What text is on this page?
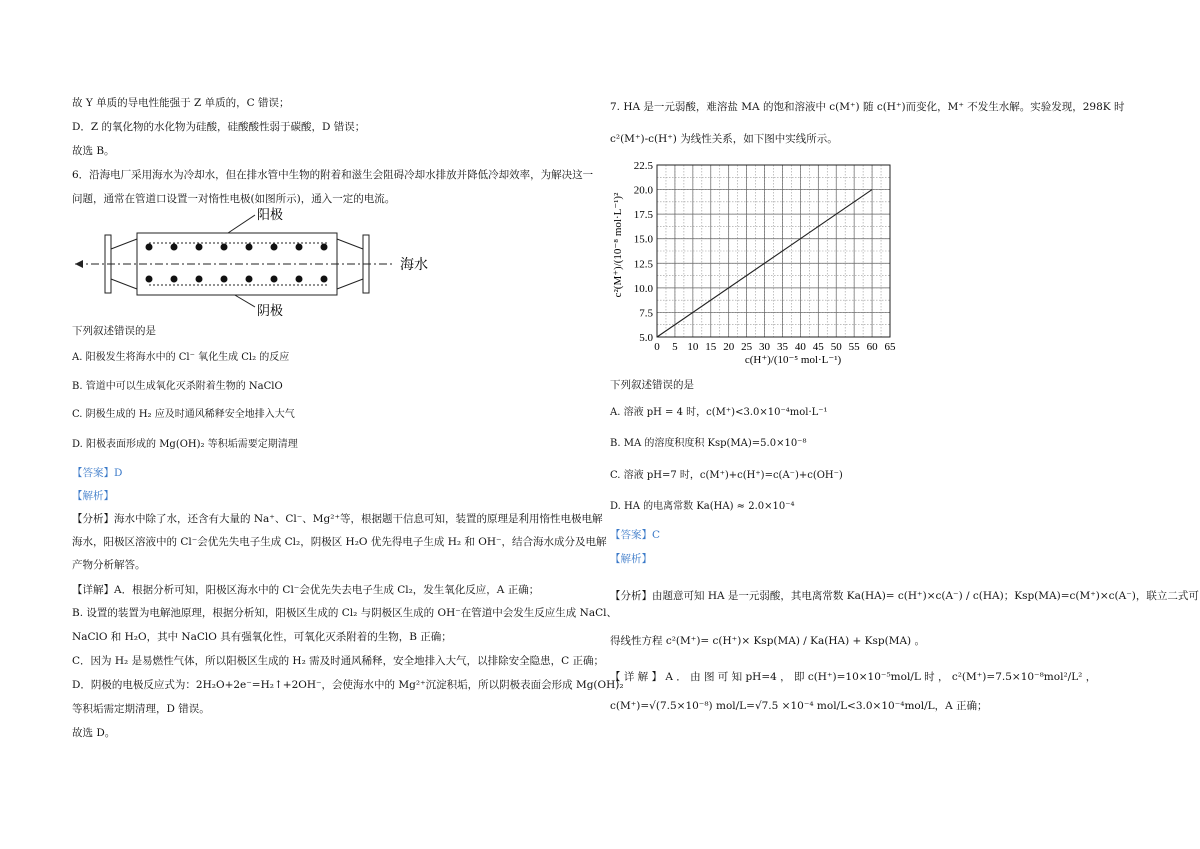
故 Y 单质的导电性能强于 Z 单质的，C 错误；
D．Z 的氧化物的水化物为硅酸，硅酸酸性弱于碳酸，D 错误；
故选 B。
6．沿海电厂采用海水为冷却水，但在排水管中生物的附着和滋生会阻碍冷却水排放并降低冷却效率，为解决这一
问题，通常在管道口设置一对惰性电极(如图所示)，通入一定的电流。
阳极
阴极
海水
下列叙述错误的是
A. 阳极发生将海水中的 Cl⁻ 氧化生成 Cl₂ 的反应
B. 管道中可以生成氧化灭杀附着生物的 NaClO
C. 阴极生成的 H₂ 应及时通风稀释安全地排入大气
D. 阳极表面形成的 Mg(OH)₂ 等积垢需要定期清理
【答案】D
【解析】
【分析】海水中除了水，还含有大量的 Na⁺、Cl⁻、Mg²⁺等，根据题干信息可知，装置的原理是利用惰性电极电解
海水，阳极区溶液中的 Cl⁻会优先失电子生成 Cl₂，阴极区 H₂O 优先得电子生成 H₂ 和 OH⁻，结合海水成分及电解
产物分析解答。
【详解】A．根据分析可知，阳极区海水中的 Cl⁻会优先失去电子生成 Cl₂，发生氧化反应，A 正确；
B. 设置的装置为电解池原理，根据分析知，阳极区生成的 Cl₂ 与阴极区生成的 OH⁻在管道中会发生反应生成 NaCl、
NaClO 和 H₂O，其中 NaClO 具有强氧化性，可氧化灭杀附着的生物，B 正确；
C．因为 H₂ 是易燃性气体，所以阳极区生成的 H₂ 需及时通风稀释，安全地排入大气，以排除安全隐患，C 正确；
D．阴极的电极反应式为：2H₂O+2e⁻=H₂↑+2OH⁻，会使海水中的 Mg²⁺沉淀积垢，所以阴极表面会形成 Mg(OH)₂
等积垢需定期清理，D 错误。
故选 D。
7. HA 是一元弱酸，难溶盐 MA 的饱和溶液中 c(M⁺) 随 c(H⁺)而变化，M⁺ 不发生水解。实验发现，298K 时
c²(M⁺)-c(H⁺) 为线性关系，如下图中实线所示。
c²(M⁺)/(10⁻⁸ mol·L⁻¹)²
c(H⁺)/(10⁻⁵ mol·L⁻¹)
0 5 10 15 20 25 30 35 40 45 50 55 60 65
5.0
7.5
10.0
12.5
15.0
17.5
20.0
22.5
下列叙述错误的是
A. 溶液 pH = 4 时，c(M⁺)<3.0×10⁻⁴mol·L⁻¹
B. MA 的溶度积度积 Ksp(MA)=5.0×10⁻⁸
C. 溶液 pH=7 时，c(M⁺)+c(H⁺)=c(A⁻)+c(OH⁻)
D. HA 的电离常数 Ka(HA) ≈ 2.0×10⁻⁴
【答案】C
【解析】
【分析】由题意可知 HA 是一元弱酸，其电离常数 Ka(HA)= c(H⁺)×c(A⁻) / c(HA)；Ksp(MA)=c(M⁺)×c(A⁻)，联立二式可
得线性方程 c²(M⁺)= c(H⁺)× Ksp(MA) / Ka(HA) + Ksp(MA) 。
【 详 解 】 A ． 由 图 可 知 pH=4 ， 即 c(H⁺)=10×10⁻⁵mol/L 时 ， c²(M⁺)=7.5×10⁻⁸mol²/L² ，
c(M⁺)=√(7.5×10⁻⁸) mol/L=√7.5 ×10⁻⁴ mol/L<3.0×10⁻⁴mol/L，A 正确；
